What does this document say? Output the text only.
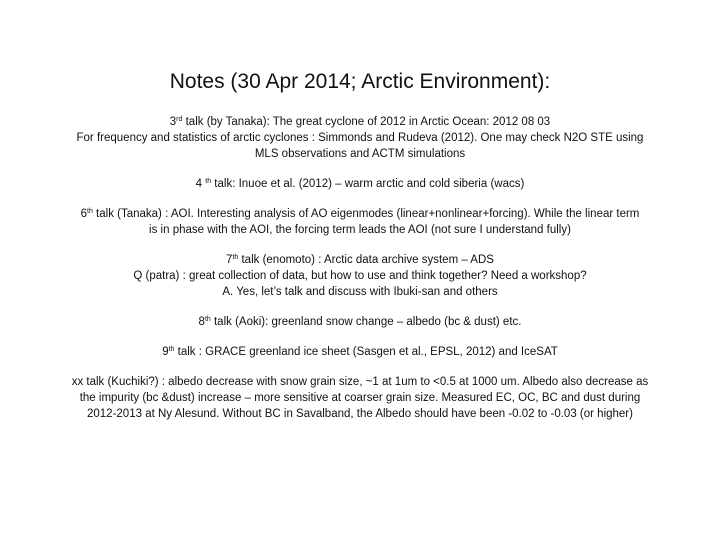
Notes (30 Apr 2014; Arctic Environment):

3rd talk (by Tanaka): The great cyclone of 2012 in Arctic Ocean: 2012 08 03
For frequency and statistics of arctic cyclones : Simmonds and Rudeva (2012). One may check N2O STE using
MLS observations and ACTM simulations

4 $^{th}$ talk: Inuoe et al. (2012) – warm arctic and cold siberia (wacs)

6th talk (Tanaka) : AOI. Interesting analysis of AO eigenmodes (linear+nonlinear+forcing). While the linear term
is in phase with the AOI, the forcing term leads the AOI (not sure I understand fully)

7th talk (enomoto) : Arctic data archive system – ADS
Q (patra) : great collection of data, but how to use and think together? Need a workshop?
A. Yes, let’s talk and discuss with Ibuki-san and others

8th talk (Aoki): greenland snow change – albedo (bc & dust) etc.

9th talk : GRACE greenland ice sheet (Sasgen et al., EPSL, 2012) and IceSAT

xx talk (Kuchiki?) : albedo decrease with snow grain size, ~1 at 1um to <0.5 at 1000 um. Albedo also decrease as
the impurity (bc &dust) increase – more sensitive at coarser grain size. Measured EC, OC, BC and dust during
2012-2013 at Ny Alesund. Without BC in Savalband, the Albedo should have been -0.02 to -0.03 (or higher)
